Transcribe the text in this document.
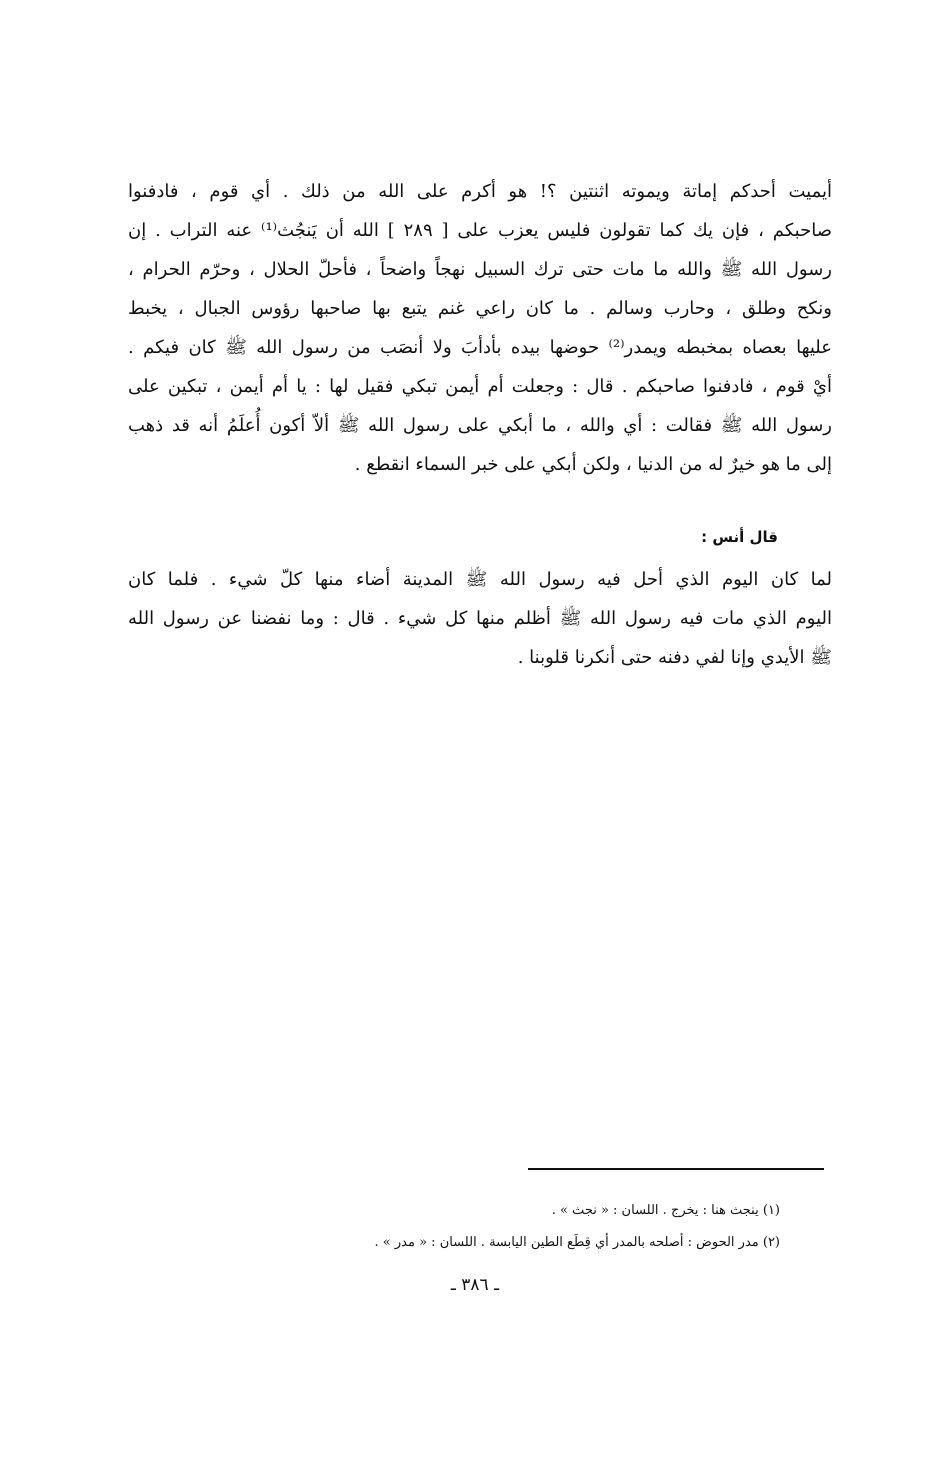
أيميت أحدكم إماتة ويموته اثنتين ؟! هو أكرم على الله من ذلك . أي قوم ، فادفنوا
صاحبكم ، فإن يك كما تقولون فليس يعزب على [ ٢٨٩ ] الله أن يَنجُث⁽¹⁾ عنه التراب . إن
رسول الله ﷺ والله ما مات حتى ترك السبيل نهجاً واضحاً ، فأحلّ الحلال ، وحرّم الحرام ،
ونكح وطلق ، وحارب وسالم . ما كان راعي غنم يتبع بها صاحبها رؤوس الجبال ، يخبط
عليها بعصاه بمخبطه ويمدر⁽²⁾ حوضها بيده بأدأبَ ولا أنصَب من رسول الله ﷺ كان فيكم .
أيْ قوم ، فادفنوا صاحبكم . قال : وجعلت أم أيمن تبكي فقيل لها : يا أم أيمن ، تبكين على
رسول الله ﷺ فقالت : أي والله ، ما أبكي على رسول الله ﷺ ألاّ أكون أُعلَمُ أنه قد ذهب
إلى ما هو خيرٌ له من الدنيا ، ولكن أبكي على خبر السماء انقطع .
قال أنس :
لما كان اليوم الذي أحل فيه رسول الله ﷺ المدينة أضاء منها كلّ شيء . فلما كان
اليوم الذي مات فيه رسول الله ﷺ أظلم منها كل شيء . قال : وما نفضنا عن رسول الله
ﷺ الأيدي وإنا لفي دفنه حتى أنكرنا قلوبنا .
(١) ينجث هنا : يخرج . اللسان : « نجث » .
(٢) مدر الحوض : أصلحه بالمدر أي قِطَع الطين اليابسة . اللسان : « مدر » .
ـ ٣٨٦ ـ
